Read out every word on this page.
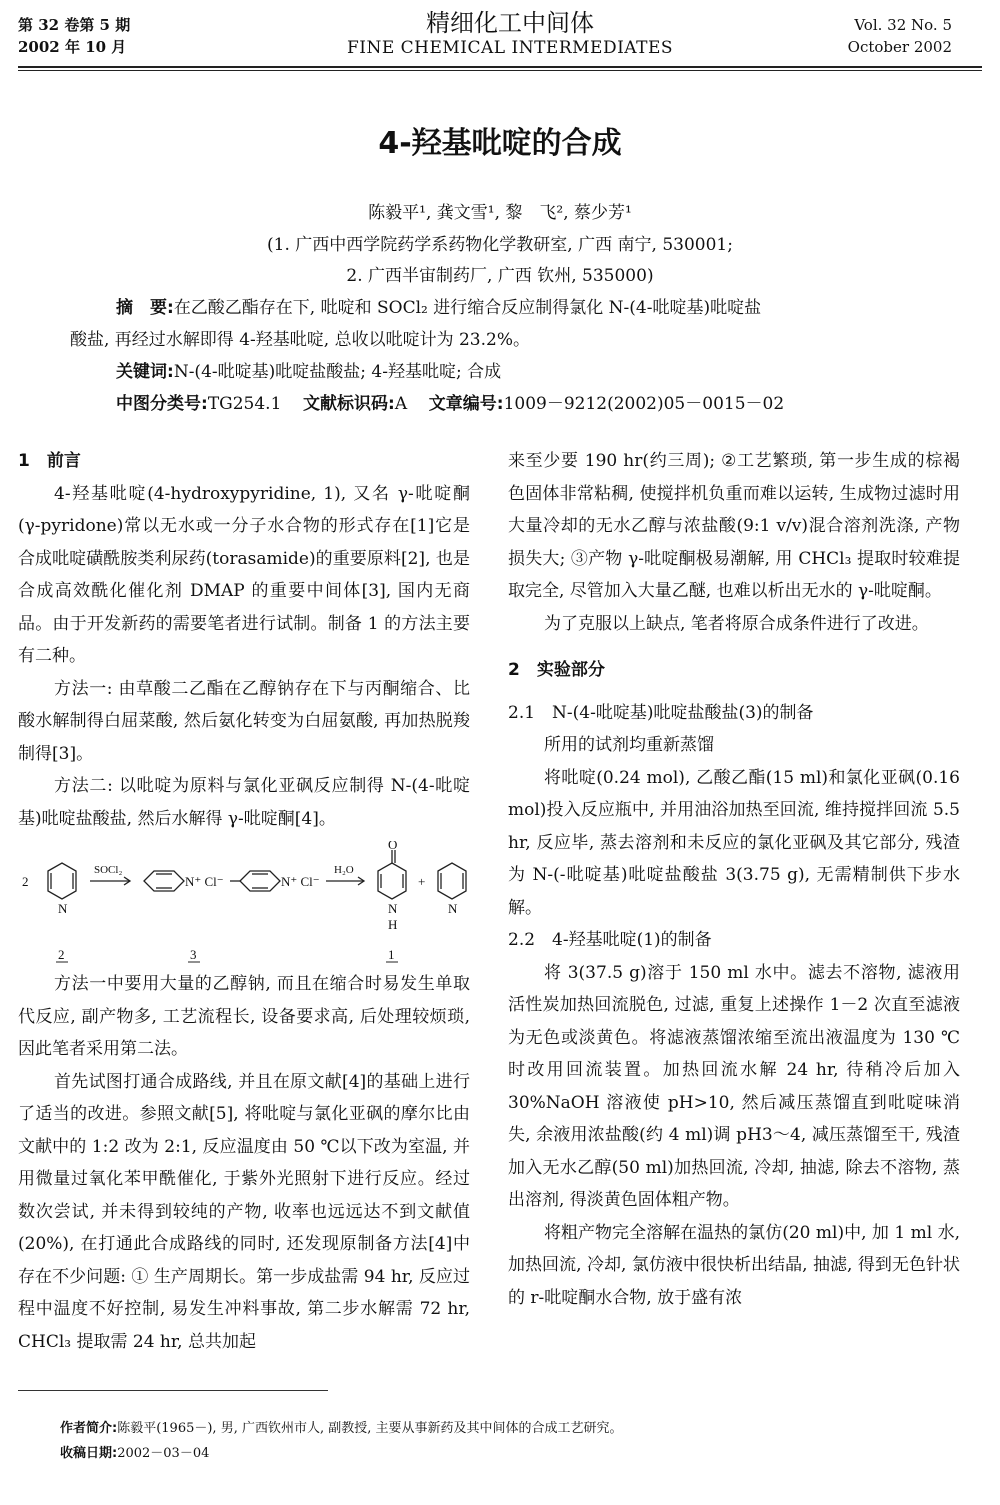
第 32 卷第 5 期
2002 年 10 月
精细化工中间体
FINE CHEMICAL INTERMEDIATES
Vol. 32 No. 5
October 2002
4-羟基吡啶的合成
陈毅平¹, 龚文雪¹, 黎　飞², 蔡少芳¹
(1. 广西中西学院药学系药物化学教研室, 广西 南宁, 530001;
2. 广西半宙制药厂, 广西 钦州, 535000)

摘　要:在乙酸乙酯存在下, 吡啶和 SOCl₂ 进行缩合反应制得氯化 N-(4-吡啶基)吡啶盐

酸盐, 再经过水解即得 4-羟基吡啶, 总收以吡啶计为 23.2%。

关键词:N-(4-吡啶基)吡啶盐酸盐; 4-羟基吡啶; 合成

中图分类号:TG254.1 文献标识码:A 文章编号:1009－9212(2002)05－0015－02

1　前言

4-羟基吡啶(4-hydroxypyridine, 1), 又名 γ-吡啶酮(γ-pyridone)常以无水或一分子水合物的形式存在[1]它是合成吡啶磺酰胺类利尿药(torasamide)的重要原料[2], 也是合成高效酰化催化剂 DMAP 的重要中间体[3], 国内无商品。由于开发新药的需要笔者进行试制。制备 1 的方法主要有二种。

方法一: 由草酸二乙酯在乙醇钠存在下与丙酮缩合、比酸水解制得白屈菜酸, 然后氨化转变为白屈氨酸, 再加热脱羧制得[3]。

方法二: 以吡啶为原料与氯化亚砜反应制得 N-(4-吡啶基)吡啶盐酸盐, 然后水解得 γ-吡啶酮[4]。

2
N
SOCl₂
N⁺ Cl⁻	N⁺ Cl⁻
H₂O
O
N
H
+
N
2	3	1

方法一中要用大量的乙醇钠, 而且在缩合时易发生单取代反应, 副产物多, 工艺流程长, 设备要求高, 后处理较烦琐, 因此笔者采用第二法。

首先试图打通合成路线, 并且在原文献[4]的基础上进行了适当的改进。参照文献[5], 将吡啶与氯化亚砜的摩尔比由文献中的 1:2 改为 2:1, 反应温度由 50 ℃以下改为室温, 并用微量过氧化苯甲酰催化, 于紫外光照射下进行反应。经过数次尝试, 并未得到较纯的产物, 收率也远远达不到文献值(20%), 在打通此合成路线的同时, 还发现原制备方法[4]中存在不少问题: ① 生产周期长。第一步成盐需 94 hr, 反应过程中温度不好控制, 易发生冲料事故, 第二步水解需 72 hr, CHCl₃ 提取需 24 hr, 总共加起

来至少要 190 hr(约三周); ②工艺繁琐, 第一步生成的棕褐色固体非常粘稠, 使搅拌机负重而难以运转, 生成物过滤时用大量冷却的无水乙醇与浓盐酸(9:1 v/v)混合溶剂洗涤, 产物损失大; ③产物 γ-吡啶酮极易潮解, 用 CHCl₃ 提取时较难提取完全, 尽管加入大量乙醚, 也难以析出无水的 γ-吡啶酮。

为了克服以上缺点, 笔者将原合成条件进行了改进。

2　实验部分

2.1　N-(4-吡啶基)吡啶盐酸盐(3)的制备

所用的试剂均重新蒸馏

将吡啶(0.24 mol), 乙酸乙酯(15 ml)和氯化亚砜(0.16 mol)投入反应瓶中, 并用油浴加热至回流, 维持搅拌回流 5.5 hr, 反应毕, 蒸去溶剂和未反应的氯化亚砜及其它部分, 残渣为 N-(-吡啶基)吡啶盐酸盐 3(3.75 g), 无需精制供下步水解。

2.2　4-羟基吡啶(1)的制备

将 3(37.5 g)溶于 150 ml 水中。滤去不溶物, 滤液用活性炭加热回流脱色, 过滤, 重复上述操作 1－2 次直至滤液为无色或淡黄色。将滤液蒸馏浓缩至流出液温度为 130 ℃时改用回流装置。加热回流水解 24 hr, 待稍冷后加入 30%NaOH 溶液使 pH>10, 然后减压蒸馏直到吡啶味消失, 余液用浓盐酸(约 4 ml)调 pH3～4, 减压蒸馏至干, 残渣加入无水乙醇(50 ml)加热回流, 冷却, 抽滤, 除去不溶物, 蒸出溶剂, 得淡黄色固体粗产物。

将粗产物完全溶解在温热的氯仿(20 ml)中, 加 1 ml 水, 加热回流, 冷却, 氯仿液中很快析出结晶, 抽滤, 得到无色针状的 r-吡啶酮水合物, 放于盛有浓

作者简介:陈毅平(1965－), 男, 广西钦州市人, 副教授, 主要从事新药及其中间体的合成工艺研究。
收稿日期:2002－03－04
